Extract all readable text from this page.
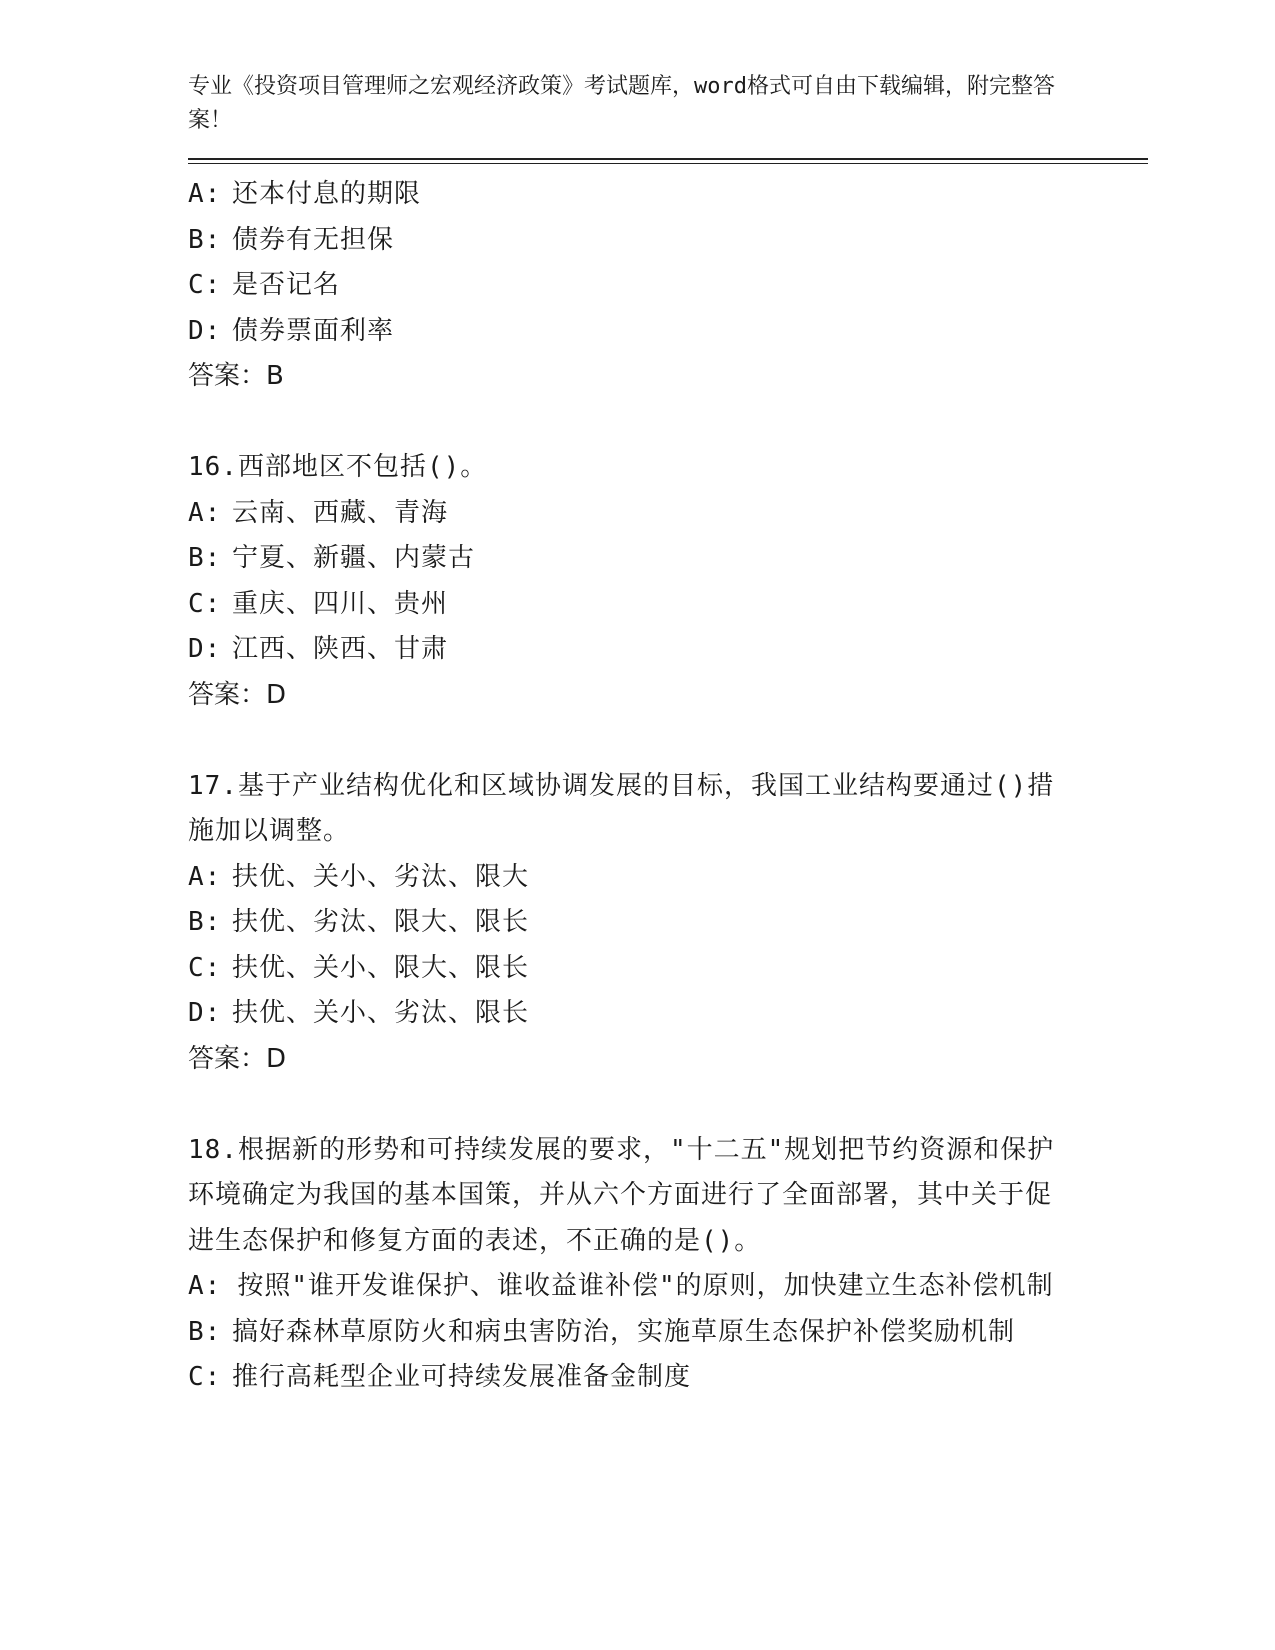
专业《投资项目管理师之宏观经济政策》考试题库，word格式可自由下载编辑，附完整答案！
A: 还本付息的期限
B: 债券有无担保
C: 是否记名
D: 债券票面利率
答案：B
16.西部地区不包括()。
A: 云南、西藏、青海
B: 宁夏、新疆、内蒙古
C: 重庆、四川、贵州
D: 江西、陕西、甘肃
答案：D
17.基于产业结构优化和区域协调发展的目标，我国工业结构要通过()措施加以调整。
A: 扶优、关小、劣汰、限大
B: 扶优、劣汰、限大、限长
C: 扶优、关小、限大、限长
D: 扶优、关小、劣汰、限长
答案：D
18.根据新的形势和可持续发展的要求，"十二五"规划把节约资源和保护环境确定为我国的基本国策，并从六个方面进行了全面部署，其中关于促进生态保护和修复方面的表述，不正确的是()。
A: 按照"谁开发谁保护、谁收益谁补偿"的原则，加快建立生态补偿机制
B: 搞好森林草原防火和病虫害防治，实施草原生态保护补偿奖励机制
C: 推行高耗型企业可持续发展准备金制度
